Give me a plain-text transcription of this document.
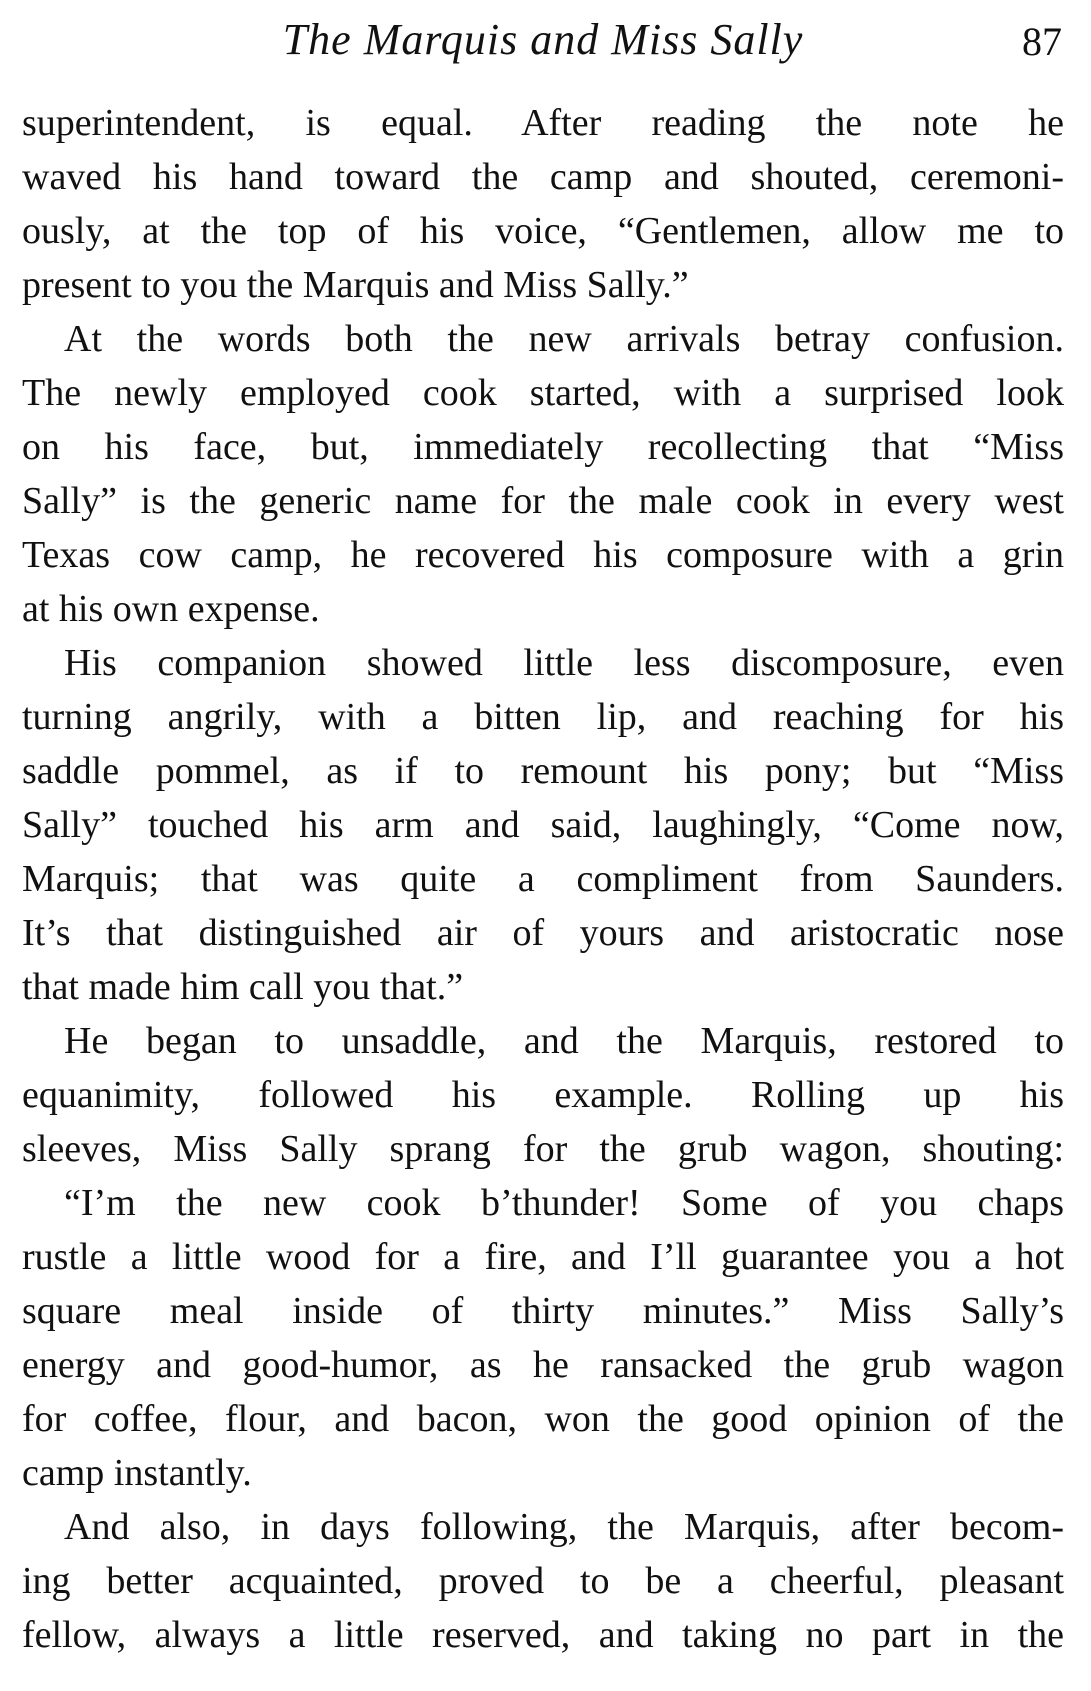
The Marquis and Miss Sally	87

superintendent, is equal. After reading the note he
waved his hand toward the camp and shouted, ceremoni-
ously, at the top of his voice, “Gentlemen, allow me to
present to you the Marquis and Miss Sally.”

At the words both the new arrivals betray confusion.
The newly employed cook started, with a surprised look
on his face, but, immediately recollecting that “Miss
Sally” is the generic name for the male cook in every west
Texas cow camp, he recovered his composure with a grin
at his own expense.

His companion showed little less discomposure, even
turning angrily, with a bitten lip, and reaching for his
saddle pommel, as if to remount his pony; but “Miss
Sally” touched his arm and said, laughingly, “Come now,
Marquis; that was quite a compliment from Saunders.
It’s that distinguished air of yours and aristocratic nose
that made him call you that.”

He began to unsaddle, and the Marquis, restored to
equanimity, followed his example. Rolling up his
sleeves, Miss Sally sprang for the grub wagon, shouting:

“I’m the new cook b’thunder! Some of you chaps
rustle a little wood for a fire, and I’ll guarantee you a hot
square meal inside of thirty minutes.” Miss Sally’s
energy and good-humor, as he ransacked the grub wagon
for coffee, flour, and bacon, won the good opinion of the
camp instantly.

And also, in days following, the Marquis, after becom-
ing better acquainted, proved to be a cheerful, pleasant
fellow, always a little reserved, and taking no part in the
